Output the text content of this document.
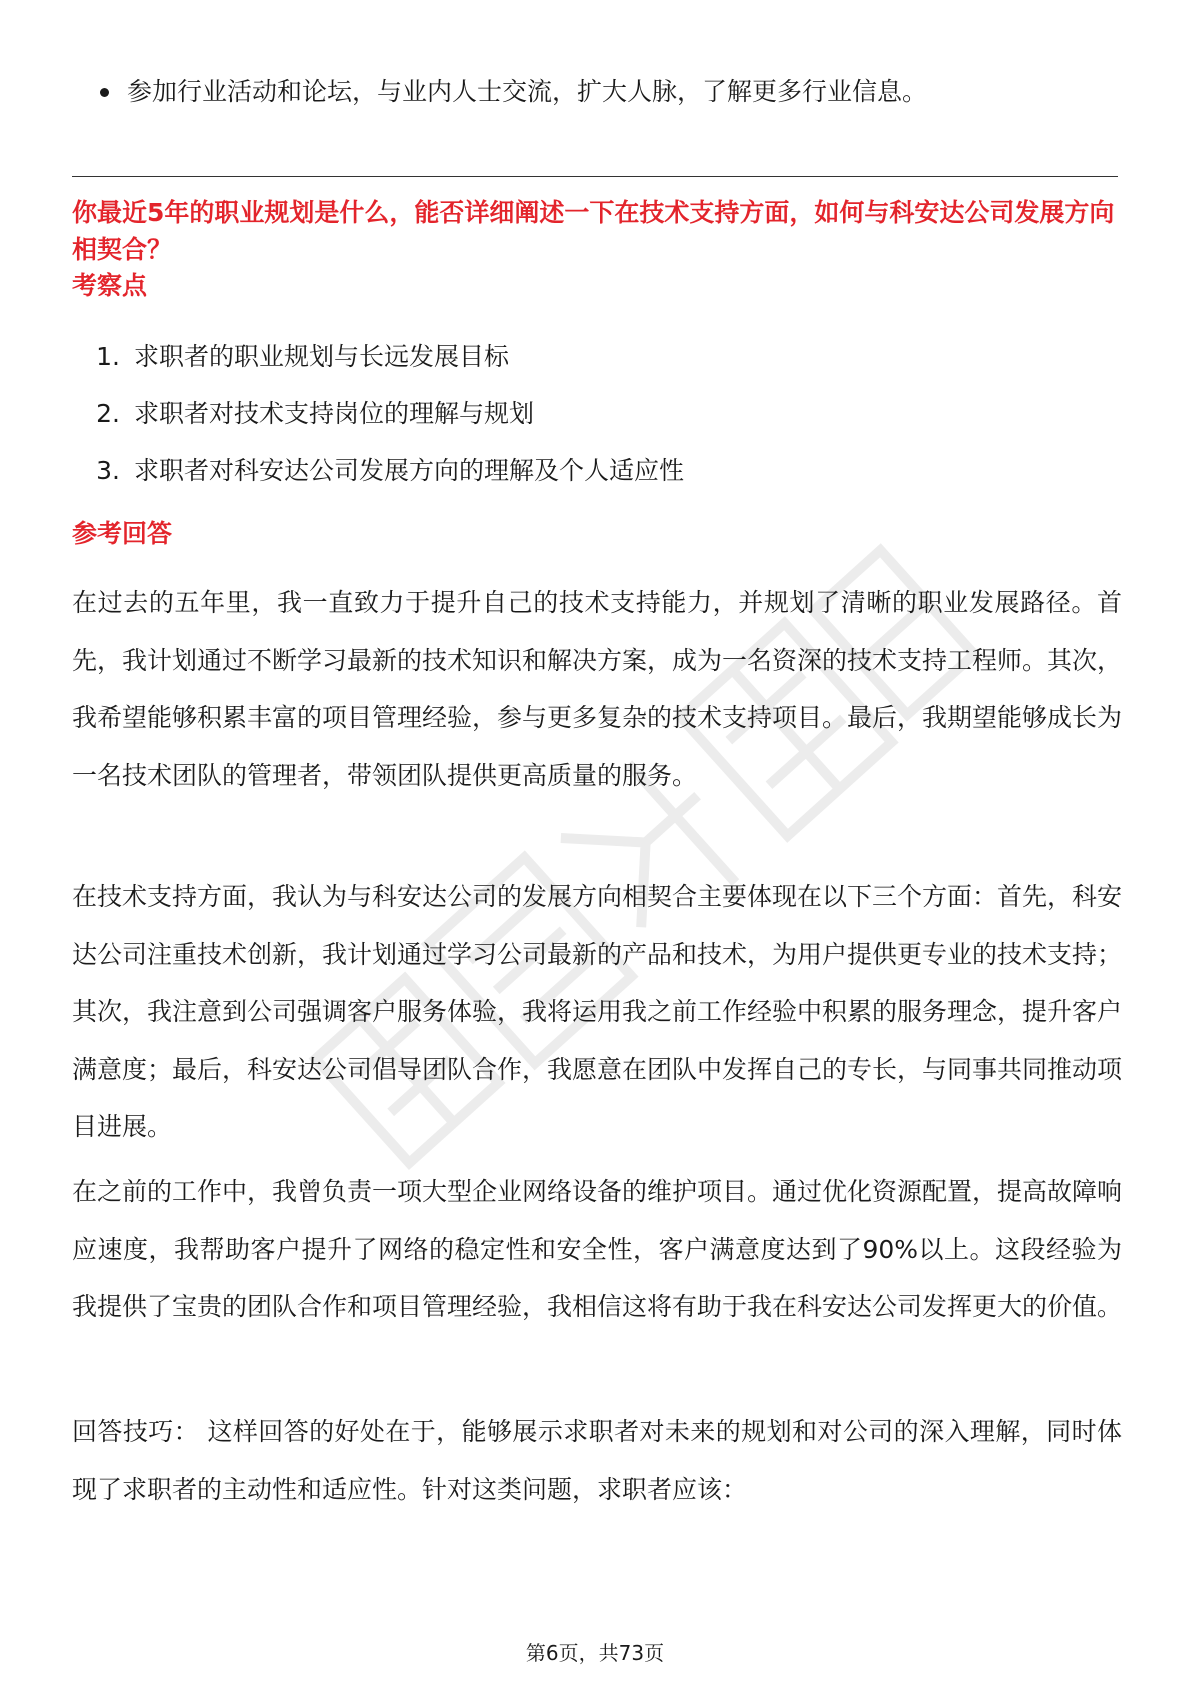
参加行业活动和论坛，与业内人士交流，扩大人脉，了解更多行业信息。

你最近5年的职业规划是什么，能否详细阐述一下在技术支持方面，如何与科安达公司发展方向相契合？

考察点
1. 求职者的职业规划与长远发展目标
2. 求职者对技术支持岗位的理解与规划
3. 求职者对科安达公司发展方向的理解及个人适应性
参考回答

在过去的五年里，我一直致力于提升自己的技术支持能力，并规划了清晰的职业发展路径。首先，我计划通过不断学习最新的技术知识和解决方案，成为一名资深的技术支持工程师。其次，我希望能够积累丰富的项目管理经验，参与更多复杂的技术支持项目。最后，我期望能够成长为一名技术团队的管理者，带领团队提供更高质量的服务。

在技术支持方面，我认为与科安达公司的发展方向相契合主要体现在以下三个方面：首先，科安达公司注重技术创新，我计划通过学习公司最新的产品和技术，为用户提供更专业的技术支持；其次，我注意到公司强调客户服务体验，我将运用我之前工作经验中积累的服务理念，提升客户满意度；最后，科安达公司倡导团队合作，我愿意在团队中发挥自己的专长，与同事共同推动项目进展。

在之前的工作中，我曾负责一项大型企业网络设备的维护项目。通过优化资源配置，提高故障响应速度，我帮助客户提升了网络的稳定性和安全性，客户满意度达到了90%以上。这段经验为我提供了宝贵的团队合作和项目管理经验，我相信这将有助于我在科安达公司发挥更大的价值。

回答技巧： 这样回答的好处在于，能够展示求职者对未来的规划和对公司的深入理解，同时体现了求职者的主动性和适应性。针对这类问题，求职者应该：

第6页，共73页
